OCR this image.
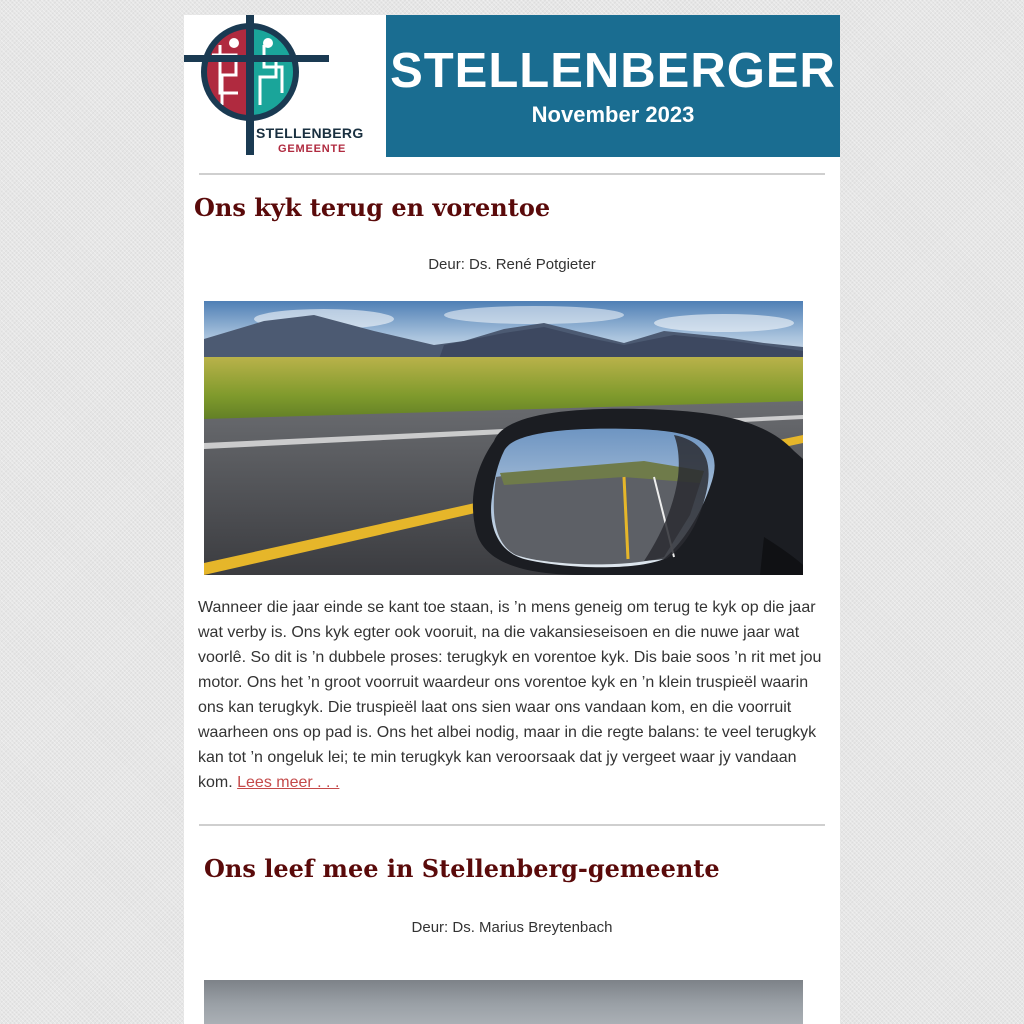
STELLENBERG
GEMEENTE
STELLENBERGER
November 2023
Ons kyk terug en vorentoe
Deur: Ds. René Potgieter

Wanneer die jaar einde se kant toe staan, is ’n mens geneig om terug te kyk op die jaar wat verby is. Ons kyk egter ook vooruit, na die vakansieseisoen en die nuwe jaar wat voorlê. So dit is ’n dubbele proses: terugkyk en vorentoe kyk. Dis baie soos ’n rit met jou motor. Ons het ’n groot voorruit waardeur ons vorentoe kyk en ’n klein truspieël waarin ons kan terugkyk. Die truspieël laat ons sien waar ons vandaan kom, en die voorruit waarheen ons op pad is. Ons het albei nodig, maar in die regte balans: te veel terugkyk kan tot ’n ongeluk lei; te min terugkyk kan veroorsaak dat jy vergeet waar jy vandaan kom. Lees meer . . .

Ons leef mee in Stellenberg-gemeente
Deur: Ds. Marius Breytenbach
